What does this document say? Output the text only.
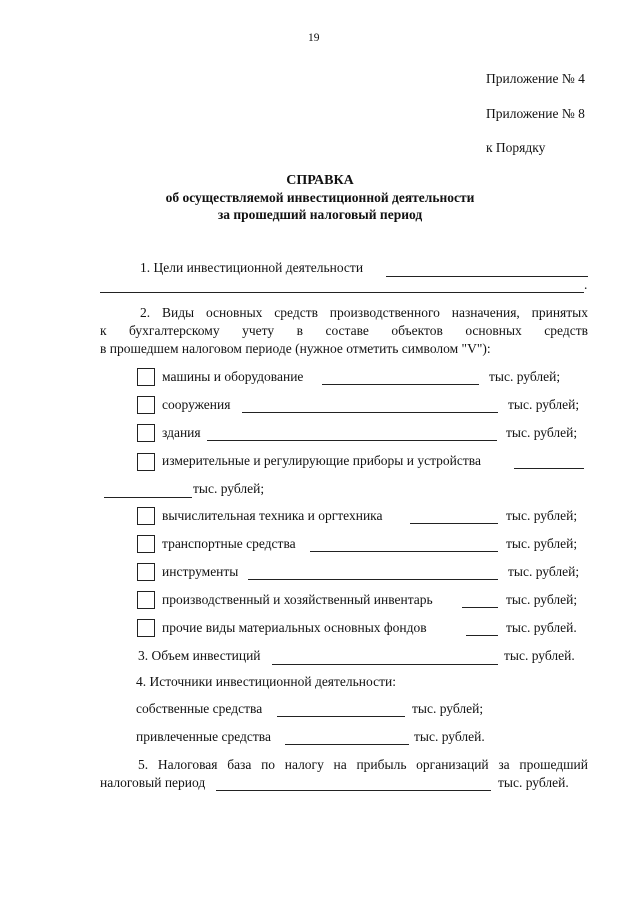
19
Приложение № 4
Приложение № 8
к Порядку
СПРАВКА
об осуществляемой инвестиционной деятельности
за прошедший налоговый период
1. Цели инвестиционной деятельности
.
2. Виды основных средств производственного назначения, принятых
к бухгалтерскому учету в составе объектов основных средств
в прошедшем налоговом периоде (нужное отметить символом "V"):
машины и оборудование	тыс. рублей;
сооружения	тыс. рублей;
здания	тыс. рублей;
измерительные и регулирующие приборы и устройства
тыс. рублей;
вычислительная техника и оргтехника	тыс. рублей;
транспортные средства	тыс. рублей;
инструменты	тыс. рублей;
производственный и хозяйственный инвентарь	тыс. рублей;
прочие виды материальных основных фондов	тыс. рублей.
3. Объем инвестиций	тыс. рублей.
4. Источники инвестиционной деятельности:
собственные средства	тыс. рублей;
привлеченные средства	тыс. рублей.
5. Налоговая база по налогу на прибыль организаций за прошедший
налоговый период	тыс. рублей.
